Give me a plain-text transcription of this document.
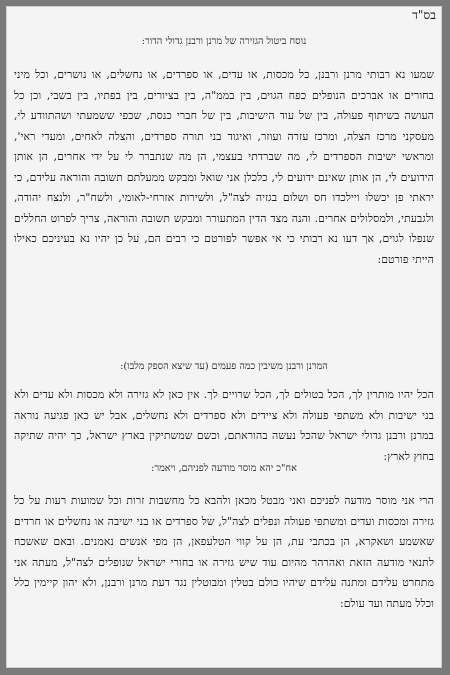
בס"ד
נוסח ביטול הגזירה של מרנן ורבנן גדולי הדור:
שמעו נא רבותי מרנן ורבנן, כל מכסות, או עדים, או ספרדים, או נחשלים, או נושרים, וכל מיני בחורים או אברכים הנופלים כפח הגוים, בין בממ"ה, בין בציורים, בין בפתיו, בין בשבי, וכן כל העושה בשיתוף פעולה, בין של עוד הישיבות, בין של חברי כנסת, שכפי ששמעתי ושהתוודע לי, מעסקני מרכז הצלה, ומרכז עזרה ועוזר, ואיגוד בני תורה ספרדים, והצלה לאחים, ומעדי ראי', ומראשי ישיבות הספרדים לי, מה שברדתי בעצמי, הן מה שנתברר לי על ידי אחרים, הן אותן הידועים לי, הן אותן שאינם ידועים לי, כלכלן אני שואל ומבקש ממעלתם תשובה והוראה עלידם, כי יראתי פן יכשלו ויילכדו חס ושלום בגזיה לצה"ל, ולשירות אזרחי-לאומי, ולשח"ר, ולנצח יהודה, ולגבעתי, ולמסלולים אחרים. והנה מצד הדין המתעורר ומבקש תשובה והוראה, צריך לפרוט החללים שנפלו לגוים, אך דעו נא רבותי כי אי אפשר לפורטם כי רבים הם, על כן יהיו נא בעיניכם כאילו הייתי פורטם:
המרנן ורבנן משיבין כמה פעמים (עד שיצא הספק מלבו):
הכל יהיו מותרין לך, הכל בטולים לך, הכל שרויים לך. אין כאן לא גזירה ולא מכסות ולא עדים ולא בני ישיבות ולא משתפי פעולה ולא ציידים ולא ספרדים ולא נחשלים, אבל יש כאן פגיעה נוראה במרנן ורבנן גדולי ישראל שהכל נעשה בהוראתם, וכשם שמשתיקין בארץ ישראל, כך יהיה שתיקה בחוץ לארץ:
אח"כ יהא מוסר מודעה לפניהם, ויאמר:
הרי אני מוסר מודעה לפניכם ואני מבטל מכאן ולהבא כל מחשבות זרות וכל שמועות רעות על כל גזירה ומכסות ועדים ומשתפי פעולה ונפלים לצה"ל, של ספרדים או בני ישיבה או נחשלים או חרדים שאשמע ושאקרא, הן בכתבי עת, הן על קווי הטלעפאן, הן מפי אנשים נאמנים. ובאם שאשכח לתנאי מודעה הזאת ואהרהר מהיום עוד שיש גזירה או בחורי ישראל שנופלים לצה"ל, מעתה אני מתחרט עלידם ומתנה עלידם שיהיו כולם בטלין ומבוטלין נגד דעת מרנן ורבנן, ולא יהון קיימין כלל וכלל מעתה ועד עולם:
